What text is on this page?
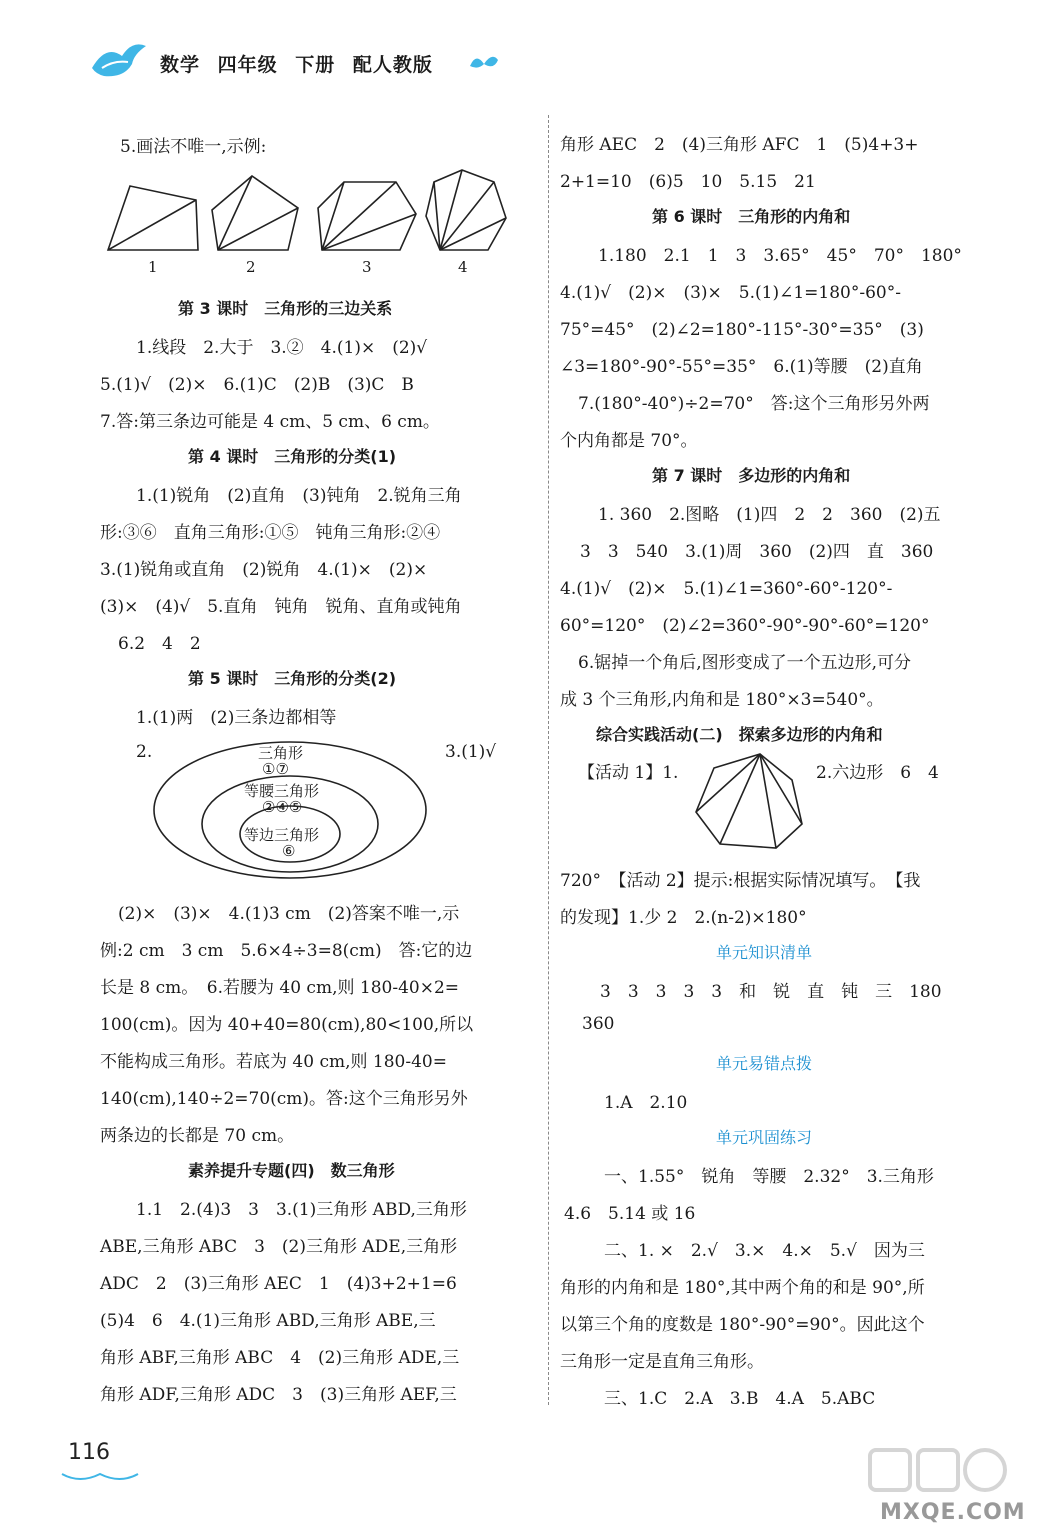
数学 四年级 下册 配人教版
5.画法不唯一,示例:
1	2	3	4
第 3 课时　三角形的三边关系
1.线段　2.大于　3.②　4.(1)×　(2)√
5.(1)√　(2)×　6.(1)C　(2)B　(3)C　B
7.答:第三条边可能是 4 cm、5 cm、6 cm。
第 4 课时　三角形的分类(1)
1.(1)锐角　(2)直角　(3)钝角　2.锐角三角
形:③⑥　直角三角形:①⑤　钝角三角形:②④
3.(1)锐角或直角　(2)锐角　4.(1)×　(2)×
(3)×　(4)√　5.直角　钝角　锐角、直角或钝角
6.2　4　2
第 5 课时　三角形的分类(2)
1.(1)两　(2)三条边都相等
2.	三角形
①⑦
等腰三角形
②④⑤
等边三角形
⑥
3.(1)√
(2)×　(3)×　4.(1)3 cm　(2)答案不唯一,示
例:2 cm　3 cm　5.6×4÷3=8(cm)　答:它的边
长是 8 cm。　6.若腰为 40 cm,则 180-40×2=
100(cm)。因为 40+40=80(cm),80<100,所以
不能构成三角形。若底为 40 cm,则 180-40=
140(cm),140÷2=70(cm)。答:这个三角形另外
两条边的长都是 70 cm。
素养提升专题(四)　数三角形
1.1　2.(4)3　3　3.(1)三角形 ABD,三角形
ABE,三角形 ABC　3　(2)三角形 ADE,三角形
ADC　2　(3)三角形 AEC　1　(4)3+2+1=6
(5)4　6　4.(1)三角形 ABD,三角形 ABE,三
角形 ABF,三角形 ABC　4　(2)三角形 ADE,三
角形 ADF,三角形 ADC　3　(3)三角形 AEF,三
角形 AEC　2　(4)三角形 AFC　1　(5)4+3+
2+1=10　(6)5　10　5.15　21
第 6 课时　三角形的内角和
1.180　2.1　1　3　3.65°　45°　70°　180°
4.(1)√　(2)×　(3)×　5.(1)∠1=180°-60°-
75°=45°　(2)∠2=180°-115°-30°=35°　(3)
∠3=180°-90°-55°=35°　6.(1)等腰　(2)直角
7.(180°-40°)÷2=70°　答:这个三角形另外两
个内角都是 70°。
第 7 课时　多边形的内角和
1. 360　2.图略　(1)四　2　2　360　(2)五
3　3　540　3.(1)周　360　(2)四　直　360
4.(1)√　(2)×　5.(1)∠1=360°-60°-120°-
60°=120°　(2)∠2=360°-90°-90°-60°=120°
6.锯掉一个角后,图形变成了一个五边形,可分
成 3 个三角形,内角和是 180°×3=540°。
综合实践活动(二)　探索多边形的内角和
【活动 1】1.	2.六边形　6　4
720°　【活动 2】提示:根据实际情况填写。　【我
的发现】1.少 2　2.(n-2)×180°
单元知识清单
3　3　3　3　3　和　锐　直　钝　三　180
360
单元易错点拨
1.A　2.10
单元巩固练习
一、1.55°　锐角　等腰　2.32°　3.三角形
4.6　5.14 或 16
二、1. ×　2.√　3.×　4.×　5.√　因为三
角形的内角和是 180°,其中两个角的和是 90°,所
以第三个角的度数是 180°-90°=90°。因此这个
三角形一定是直角三角形。
三、1.C　2.A　3.B　4.A　5.ABC
116
MXQE.COM
